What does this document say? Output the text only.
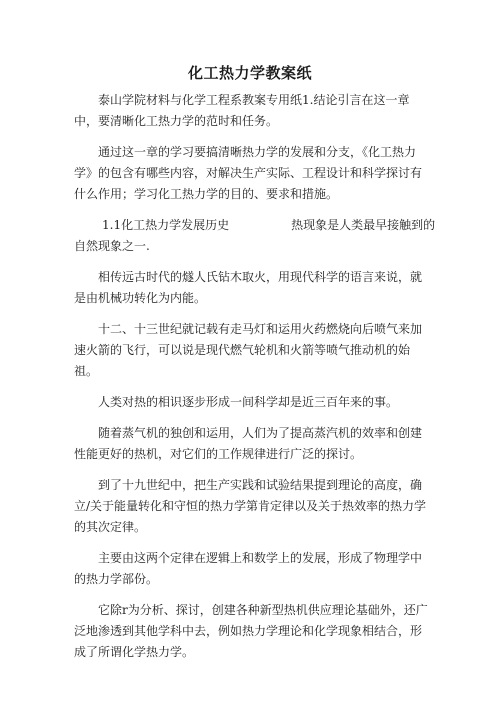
化工热力学教案纸

泰山学院材料与化学工程系教案专用纸1.结论引言在这一章中，要清晰化工热力学的范时和任务。

通过这一章的学习要搞清晰热力学的发展和分支，《化工热力学》的包含有哪些内容，对解决生产实际、工程设计和科学探讨有什么作用；学习化工热力学的目的、要求和措施。

1.1化工热力学发展历史	热现象是人类最早接触到的

自然现象之一.

相传远古时代的燧人氏钻木取火，用现代科学的语言来说，就是由机械功转化为内能。

十二、十三世纪就记载有走马灯和运用火药燃烧向后喷气来加速火箭的飞行，可以说是现代燃气轮机和火箭等喷气推动机的始祖。

人类对热的相识逐步形成一间科学却是近三百年来的事。

随着蒸气机的独创和运用，人们为了提高蒸汽机的效率和创建性能更好的热机，对它们的工作规律进行广泛的探讨。

到了十九世纪中，把生产实践和试验结果提到理论的高度，确立/关于能量转化和守恒的热力学第肯定律以及关于热效率的热力学的其次定律。

主要由这两个定律在逻辑上和数学上的发展，形成了物理学中的热力学部份。

它除r为分析、探讨，创建各种新型热机供应理论基础外，还广泛地渗透到其他学科中去，例如热力学理论和化学现象相结合，形成了所谓化学热力学。
